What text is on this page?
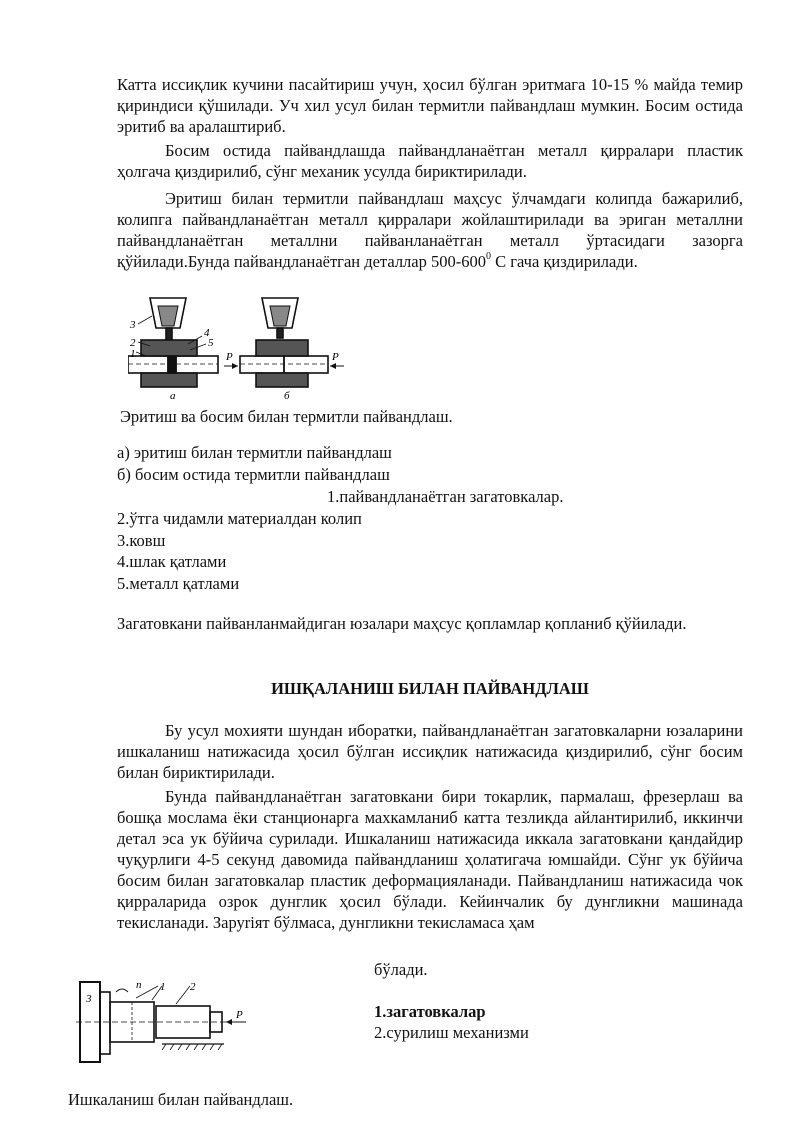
Катта иссиқлик кучини пасайтириш учун, ҳосил бўлган эритмага 10-15 % майда темир қириндиси қўшилади. Уч хил усул билан термитли пайвандлаш мумкин. Босим остида эритиб ва аралаштириб.

Босим остида пайвандлашда пайвандланаётган металл қирралари пластик ҳолгача қиздирилиб, сўнг механик усулда бириктирилади.

Эритиш билан термитли пайвандлаш маҳсус ўлчамдаги колипда бажарилиб, колипга пайвандланаётган металл қирралари жойлаштирилади ва эриган металлни пайвандланаётган металлни пайванланаётган металл ўртасидаги зазорга қўйилади.Бунда пайвандланаётган деталлар $500-600^0$ С гача қиздирилади.

3
2
1
4
5
a
P	P
б

Эритиш ва босим билан термитли пайвандлаш.

а) эритиш билан термитли пайвандлаш

б) босим остида термитли пайвандлаш

1.пайвандланаётган загатовкалар.

2.ўтга чидамли материалдан колип

3.ковш

4.шлак қатлами

5.металл қатлами

Загатовкани пайванланмайдиган юзалари маҳсус қопламлар қопланиб қўйилади.

ИШҚАЛАНИШ БИЛАН ПАЙВАНДЛАШ

Бу усул мохияти шундан иборатки, пайвандланаётган загатовкаларни юзаларини ишкаланиш натижасида ҳосил бўлган иссиқлик натижасида қиздирилиб, сўнг босим билан бириктирилади.

Бунда пайвандланаётган загатовкани бири токарлик, пармалаш, фрезерлаш ва бошқа мослама ёки станционарга махкамланиб катта тезликда айлантирилиб, иккинчи детал эса ук бўйича сурилади. Ишкаланиш натижасида иккала загатовкани қандайдир чуқурлиги 4-5 секунд давомида пайвандланиш ҳолатигача юмшайди. Сўнг ук бўйича босим билан загатовкалар пластик деформацияланади. Пайвандланиш натижасида чок қирраларида озрок дунглик ҳосил бўлади. Кейинчалик бу дунгликни машинада текисланади. Заруriят бўлмаса, дунгликни текисламаса ҳам

бўлади.

3
n 1 2
P	1.загатовкалар

2.сурилиш механизми

Ишкаланиш билан пайвандлаш.
